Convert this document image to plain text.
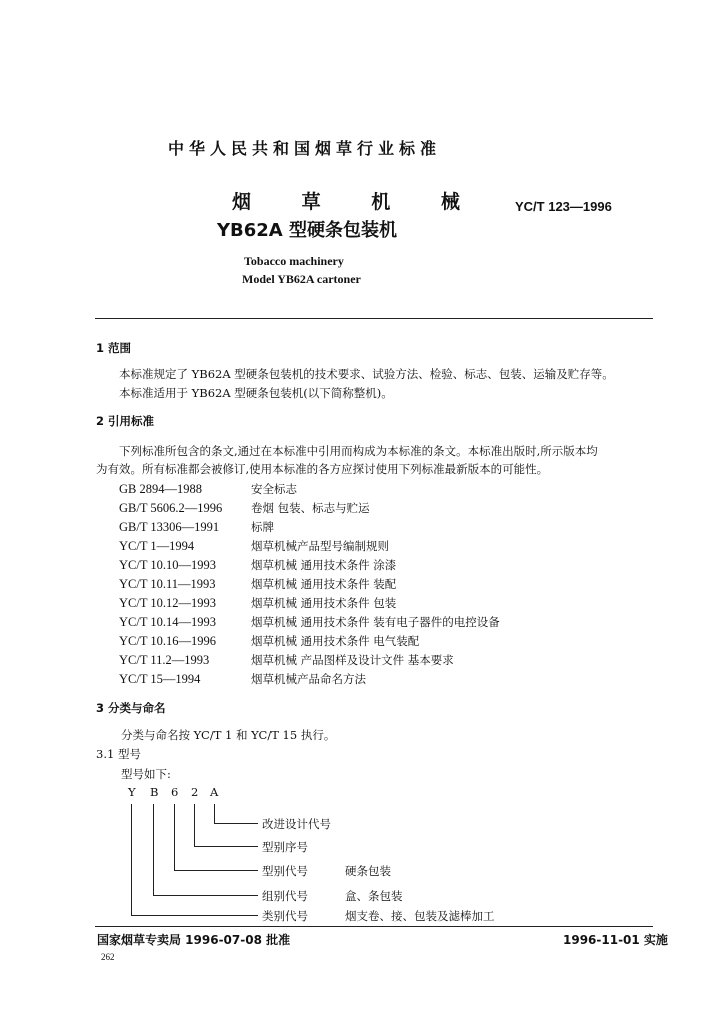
中华人民共和国烟草行业标准
烟 草 机 械
YB62A 型硬条包装机
YC/T 123—1996
Tobacco machinery
Model YB62A cartoner
1 范围
本标准规定了 YB62A 型硬条包装机的技术要求、试验方法、检验、标志、包装、运输及贮存等。
本标准适用于 YB62A 型硬条包装机(以下简称整机)。
2 引用标准
下列标准所包含的条文,通过在本标准中引用而构成为本标准的条文。本标准出版时,所示版本均
为有效。所有标准都会被修订,使用本标准的各方应探讨使用下列标准最新版本的可能性。
GB 2894—1988	安全标志
GB/T 5606.2—1996	卷烟 包装、标志与贮运
GB/T 13306—1991	标牌
YC/T 1—1994	烟草机械产品型号编制规则
YC/T 10.10—1993	烟草机械 通用技术条件 涂漆
YC/T 10.11—1993	烟草机械 通用技术条件 装配
YC/T 10.12—1993	烟草机械 通用技术条件 包装
YC/T 10.14—1993	烟草机械 通用技术条件 装有电子器件的电控设备
YC/T 10.16—1996	烟草机械 通用技术条件 电气装配
YC/T 11.2—1993	烟草机械 产品图样及设计文件 基本要求
YC/T 15—1994	烟草机械产品命名方法
3 分类与命名
分类与命名按 YC/T 1 和 YC/T 15 执行。
3.1 型号
型号如下:
Y B 6 2 A
改进设计代号
型别序号
型别代号	硬条包装
组别代号	盒、条包装
类别代号	烟支卷、接、包装及滤棒加工
国家烟草专卖局 1996-07-08 批准	1996-11-01 实施
262
